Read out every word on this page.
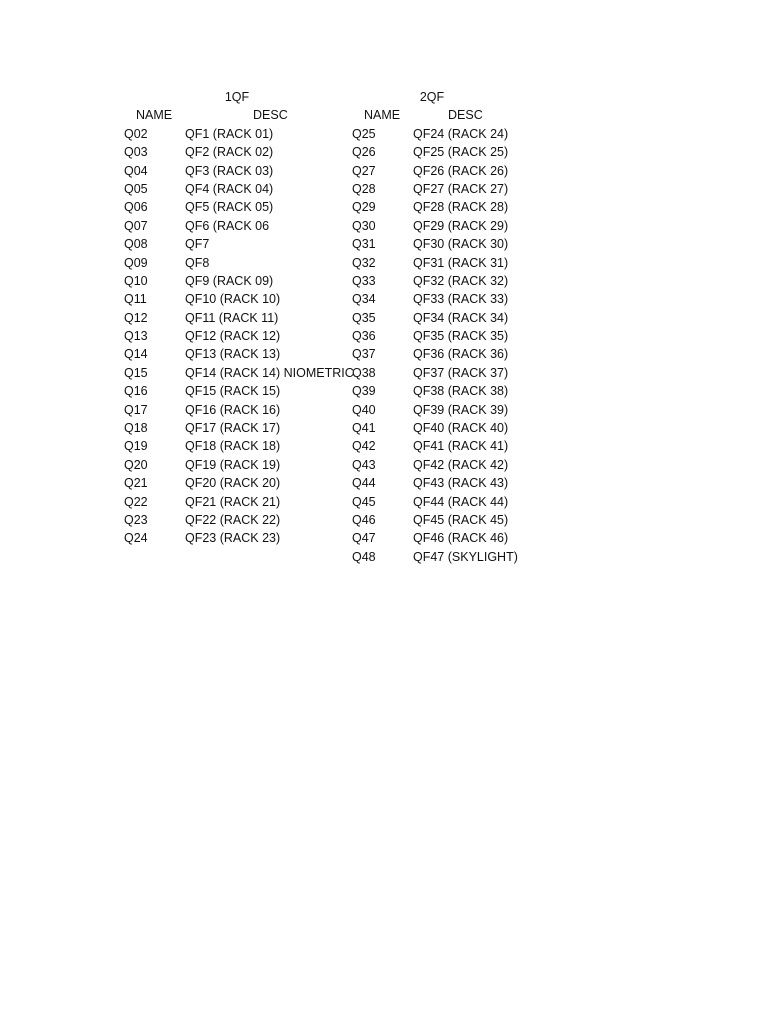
1QF
NAME	DESC
Q02	QF1 (RACK 01)
Q03	QF2 (RACK 02)
Q04	QF3 (RACK 03)
Q05	QF4 (RACK 04)
Q06	QF5 (RACK 05)
Q07	QF6 (RACK 06
Q08	QF7
Q09	QF8
Q10	QF9 (RACK 09)
Q11	QF10 (RACK 10)
Q12	QF11 (RACK 11)
Q13	QF12 (RACK 12)
Q14	QF13 (RACK 13)
Q15	QF14 (RACK 14) NIOMETRIC
Q16	QF15 (RACK 15)
Q17	QF16 (RACK 16)
Q18	QF17 (RACK 17)
Q19	QF18 (RACK 18)
Q20	QF19 (RACK 19)
Q21	QF20 (RACK 20)
Q22	QF21 (RACK 21)
Q23	QF22 (RACK 22)
Q24	QF23 (RACK 23)
2QF
NAME	DESC
Q25	QF24 (RACK 24)
Q26	QF25 (RACK 25)
Q27	QF26 (RACK 26)
Q28	QF27 (RACK 27)
Q29	QF28 (RACK 28)
Q30	QF29 (RACK 29)
Q31	QF30 (RACK 30)
Q32	QF31 (RACK 31)
Q33	QF32 (RACK 32)
Q34	QF33 (RACK 33)
Q35	QF34 (RACK 34)
Q36	QF35 (RACK 35)
Q37	QF36 (RACK 36)
Q38	QF37 (RACK 37)
Q39	QF38 (RACK 38)
Q40	QF39 (RACK 39)
Q41	QF40 (RACK 40)
Q42	QF41 (RACK 41)
Q43	QF42 (RACK 42)
Q44	QF43 (RACK 43)
Q45	QF44 (RACK 44)
Q46	QF45 (RACK 45)
Q47	QF46 (RACK 46)
Q48	QF47 (SKYLIGHT)
